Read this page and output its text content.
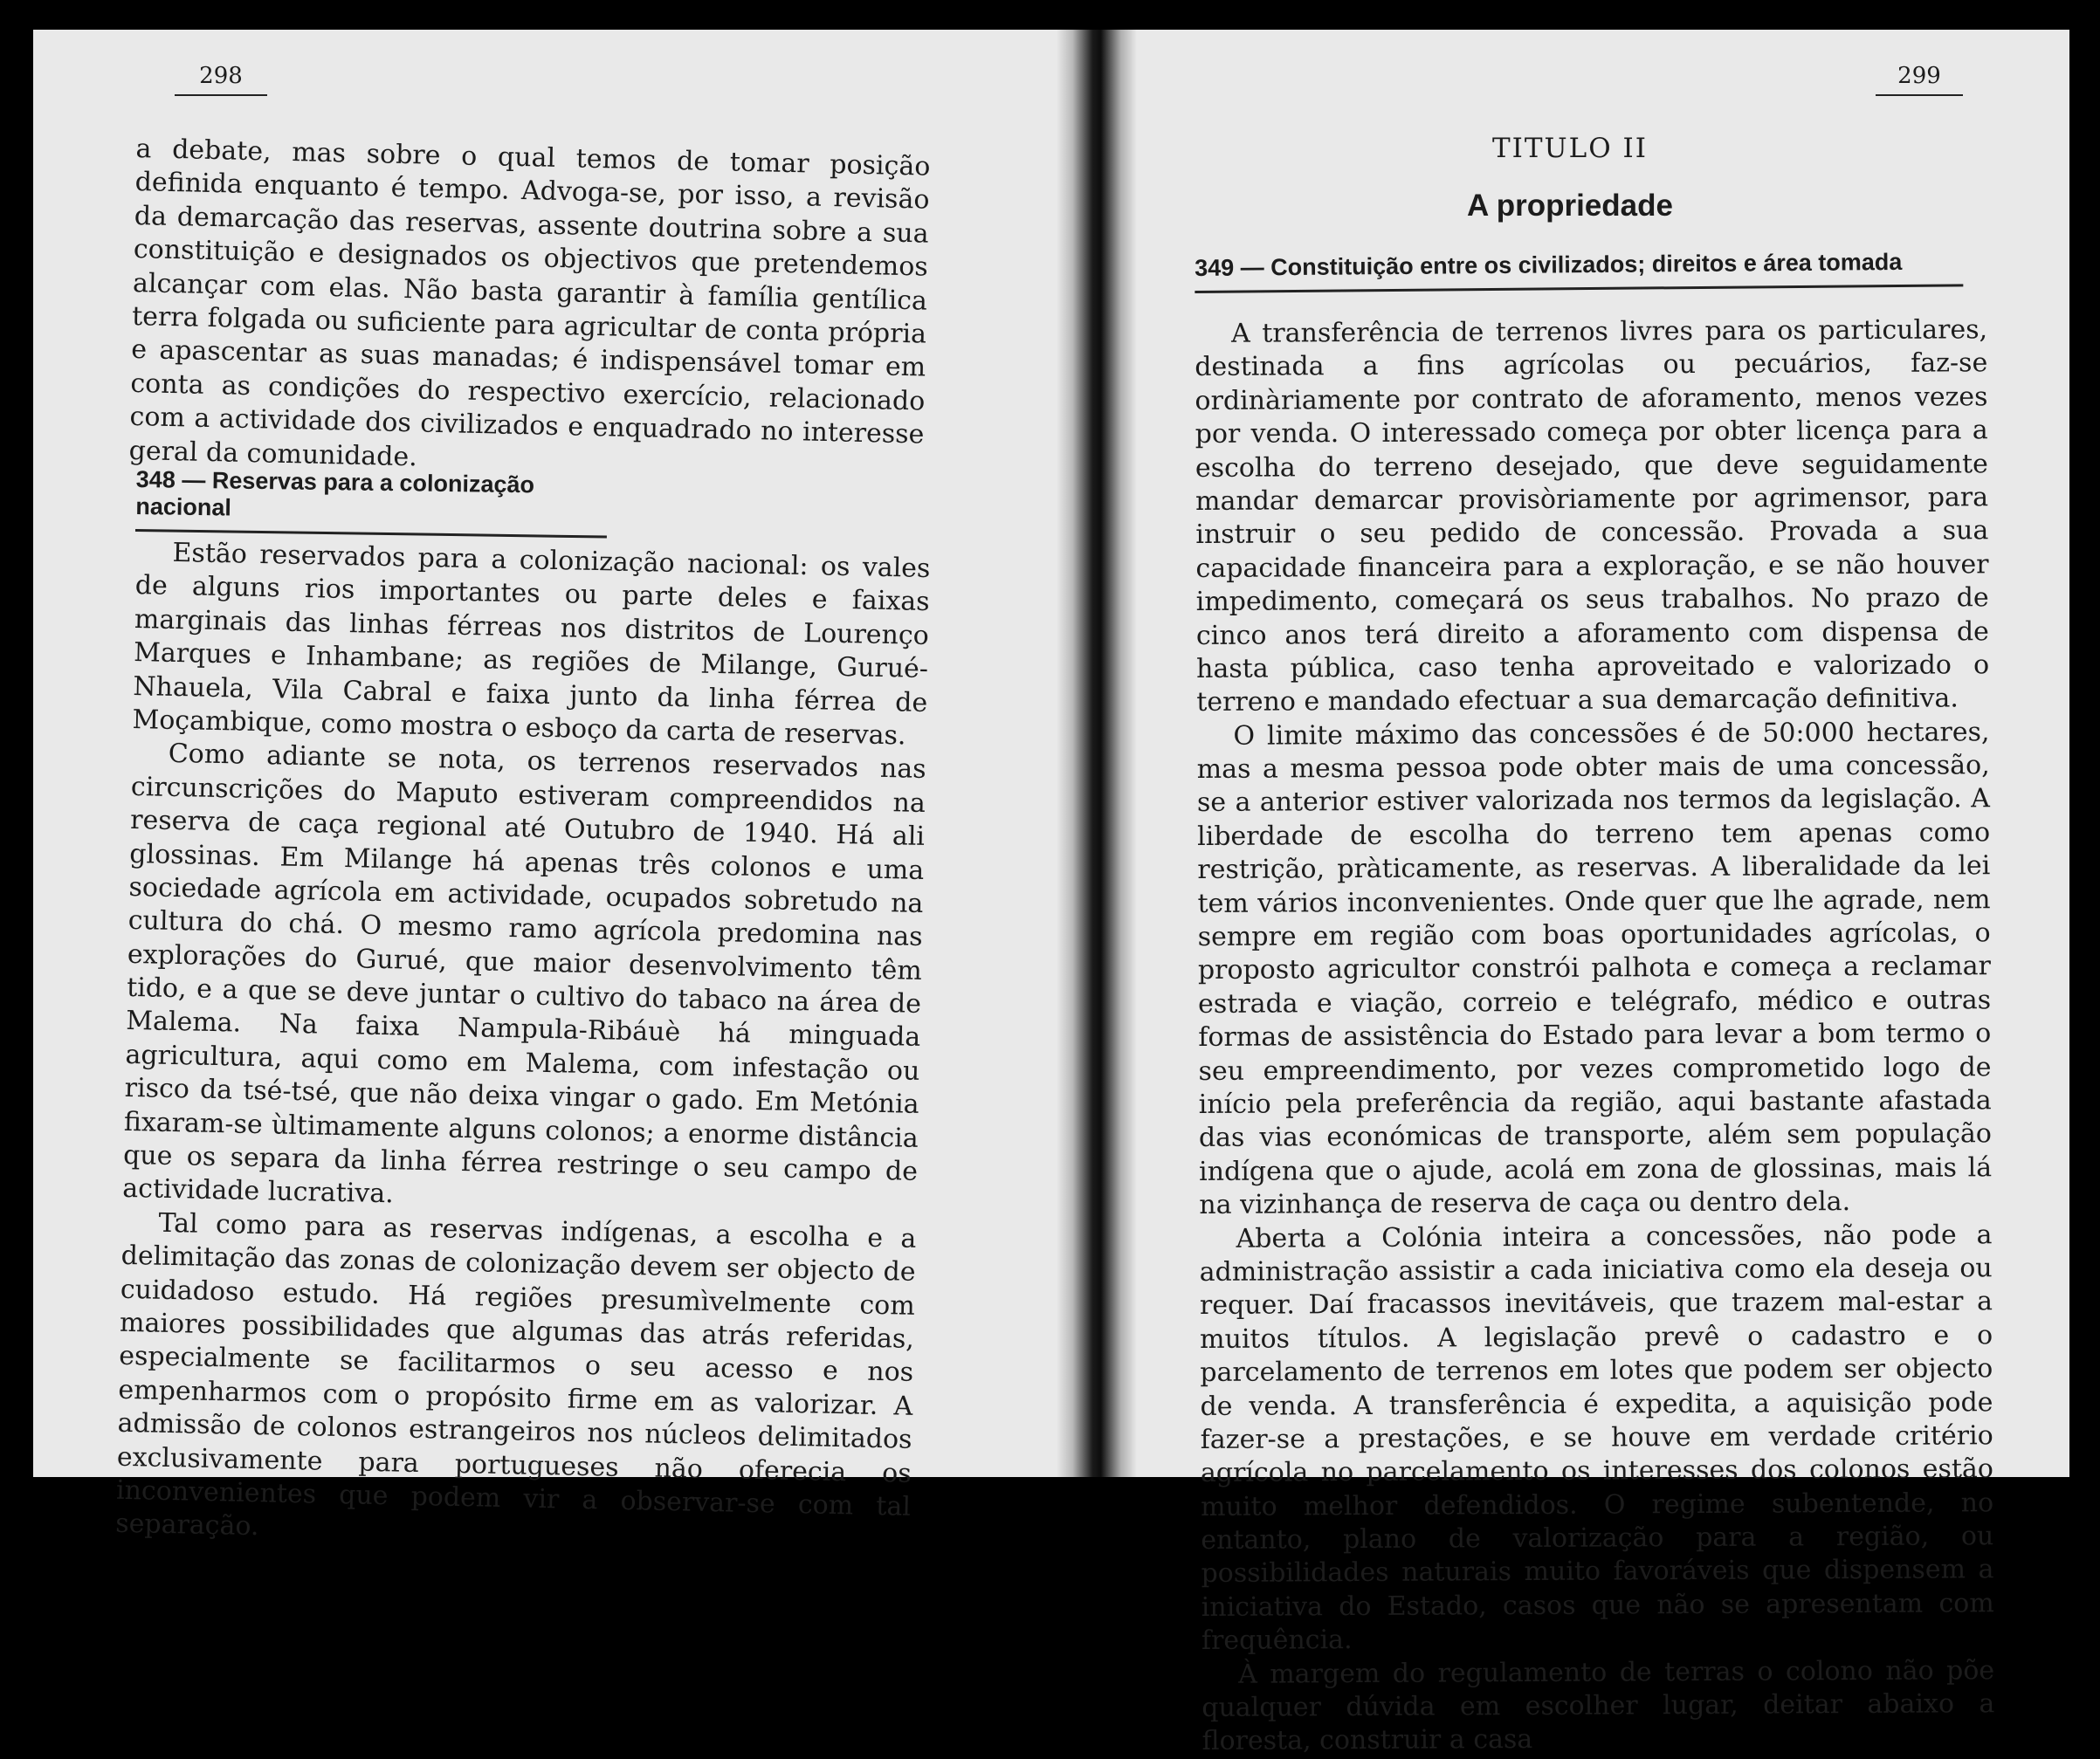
298

a debate, mas sobre o qual temos de tomar posição definida enquanto é tempo. Advoga-se, por isso, a revisão da demarcação das reservas, assente doutrina sobre a sua constituição e designados os objectivos que pretendemos alcançar com elas. Não basta garantir à família gentílica terra folgada ou suficiente para agricultar de conta própria e apascentar as suas manadas; é indispensável tomar em conta as condições do respectivo exercício, relacionado com a actividade dos civilizados e enquadrado no interesse geral da comunidade.

348 — Reservas para a colonização nacional

Estão reservados para a colonização nacional: os vales de alguns rios importantes ou parte deles e faixas marginais das linhas férreas nos distritos de Lourenço Marques e Inhambane; as regiões de Milange, Gurué-Nhauela, Vila Cabral e faixa junto da linha férrea de Moçambique, como mostra o esboço da carta de reservas.

Como adiante se nota, os terrenos reservados nas circunscrições do Maputo estiveram compreendidos na reserva de caça regional até Outubro de 1940. Há ali glossinas. Em Milange há apenas três colonos e uma sociedade agrícola em actividade, ocupados sobretudo na cultura do chá. O mesmo ramo agrícola predomina nas explorações do Gurué, que maior desenvolvimento têm tido, e a que se deve juntar o cultivo do tabaco na área de Malema. Na faixa Nampula-Ribáuè há minguada agricultura, aqui como em Malema, com infestação ou risco da tsé-tsé, que não deixa vingar o gado. Em Metónia fixaram-se ùltimamente alguns colonos; a enorme distância que os separa da linha férrea restringe o seu campo de actividade lucrativa.

Tal como para as reservas indígenas, a escolha e a delimitação das zonas de colonização devem ser objecto de cuidadoso estudo. Há regiões presumìvelmente com maiores possibilidades que algumas das atrás referidas, especialmente se facilitarmos o seu acesso e nos empenharmos com o propósito firme em as valorizar. A admissão de colonos estrangeiros nos núcleos delimitados exclusivamente para portugueses não oferecia os inconvenientes que podem vir a observar-se com tal separação.

299
TITULO II
A propriedade
349 — Constituição entre os civilizados; direitos e área tomada

A transferência de terrenos livres para os particulares, destinada a fins agrícolas ou pecuários, faz-se ordinàriamente por contrato de aforamento, menos vezes por venda. O interessado começa por obter licença para a escolha do terreno desejado, que deve seguidamente mandar demarcar provisòriamente por agrimensor, para instruir o seu pedido de concessão. Provada a sua capacidade financeira para a exploração, e se não houver impedimento, começará os seus trabalhos. No prazo de cinco anos terá direito a aforamento com dispensa de hasta pública, caso tenha aproveitado e valorizado o terreno e mandado efectuar a sua demarcação definitiva.

O limite máximo das concessões é de 50:000 hectares, mas a mesma pessoa pode obter mais de uma concessão, se a anterior estiver valorizada nos termos da legislação. A liberdade de escolha do terreno tem apenas como restrição, pràticamente, as reservas. A liberalidade da lei tem vários inconvenientes. Onde quer que lhe agrade, nem sempre em região com boas oportunidades agrícolas, o proposto agricultor constrói palhota e começa a reclamar estrada e viação, correio e telégrafo, médico e outras formas de assistência do Estado para levar a bom termo o seu empreendimento, por vezes comprometido logo de início pela preferência da região, aqui bastante afastada das vias económicas de transporte, além sem população indígena que o ajude, acolá em zona de glossinas, mais lá na vizinhança de reserva de caça ou dentro dela.

Aberta a Colónia inteira a concessões, não pode a administração assistir a cada iniciativa como ela deseja ou requer. Daí fracassos inevitáveis, que trazem mal-estar a muitos títulos. A legislação prevê o cadastro e o parcelamento de terrenos em lotes que podem ser objecto de venda. A transferência é expedita, a aquisição pode fazer-se a prestações, e se houve em verdade critério agrícola no parcelamento os interesses dos colonos estão muito melhor defendidos. O regime subentende, no entanto, plano de valorização para a região, ou possibilidades naturais muito favoráveis que dispensem a iniciativa do Estado, casos que não se apresentam com frequência.

À margem do regulamento de terras o colono não põe qualquer dúvida em escolher lugar, deitar abaixo a floresta, construir a casa
